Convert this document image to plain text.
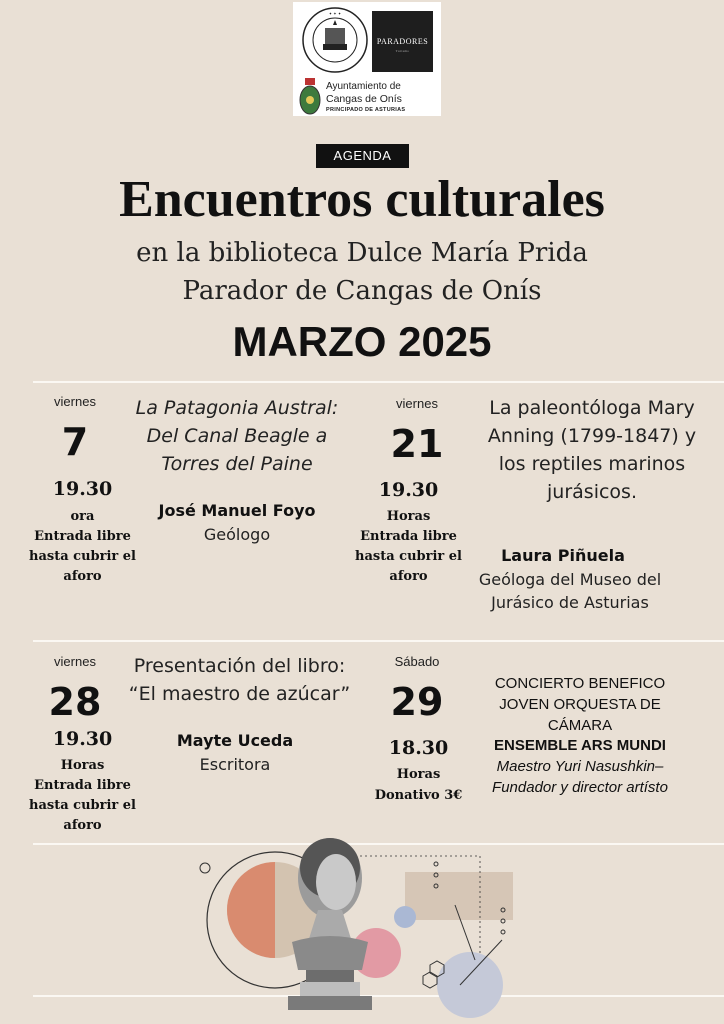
✦ ✦ ✦
PARADORES
Turismo
Ayuntamiento de
Cangas de Onís
PRINCIPADO DE ASTURIAS
AGENDA
Encuentros culturales
en la biblioteca Dulce María Prida
Parador de Cangas de Onís
MARZO 2025
viernes
7
19.30
ora
Entrada libre
hasta cubrir el aforo
La Patagonia Austral:
Del Canal Beagle a
Torres del Paine
José Manuel Foyo
Geólogo
viernes
21
19.30
Horas
Entrada libre
hasta cubrir el aforo
La paleontóloga Mary
Anning (1799-1847) y
los reptiles marinos
jurásicos.
Laura Piñuela
Geóloga del Museo del
Jurásico de Asturias
viernes
28
19.30
Horas
Entrada libre
hasta cubrir el aforo
Presentación del libro:
“El maestro de azúcar”
Mayte Uceda
Escritora
Sábado
29
18.30
Horas
Donativo 3€
CONCIERTO BENEFICO
JOVEN ORQUESTA DE
CÁMARA
ENSEMBLE ARS MUNDI
Maestro Yuri Nasushkin–
Fundador y director artísto
